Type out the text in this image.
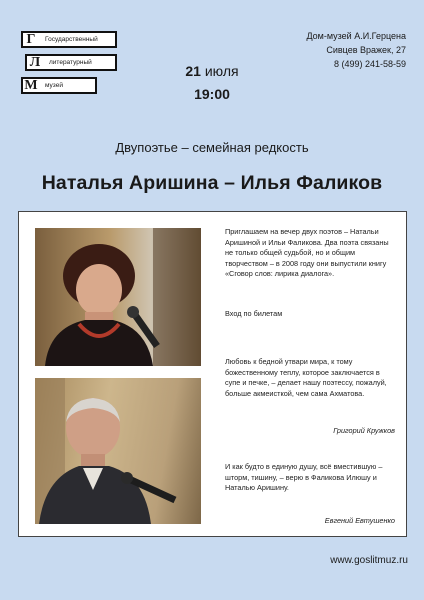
Г	Государственный
Л	литературный
М музей
Дом-музей А.И.Герцена
Сивцев Вражек, 27
8 (499) 241-58-59
21 июля
19:00
Двупоэтье – семейная редкость
Наталья Аришина – Илья Фаликов
Приглашаем на вечер двух поэтов – Натальи Аришиной и Ильи Фаликова. Два поэта связаны не только общей судьбой, но и общим творчеством – в 2008 году они выпустили книгу «Сговор слов: лирика диалога».
Вход по билетам
Любовь к бедной утвари мира, к тому божественному теплу, которое заключается в супе и печке, – делает нашу поэтессу, пожалуй, больше акмеисткой, чем сама Ахматова.
Григорий Кружков
И как будто в единую душу, всё вместившую – шторм, тишину, – верю в Фаликова Илюшу и Наталью Аришину.
Евгений Евтушенко
www.goslitmuz.ru
